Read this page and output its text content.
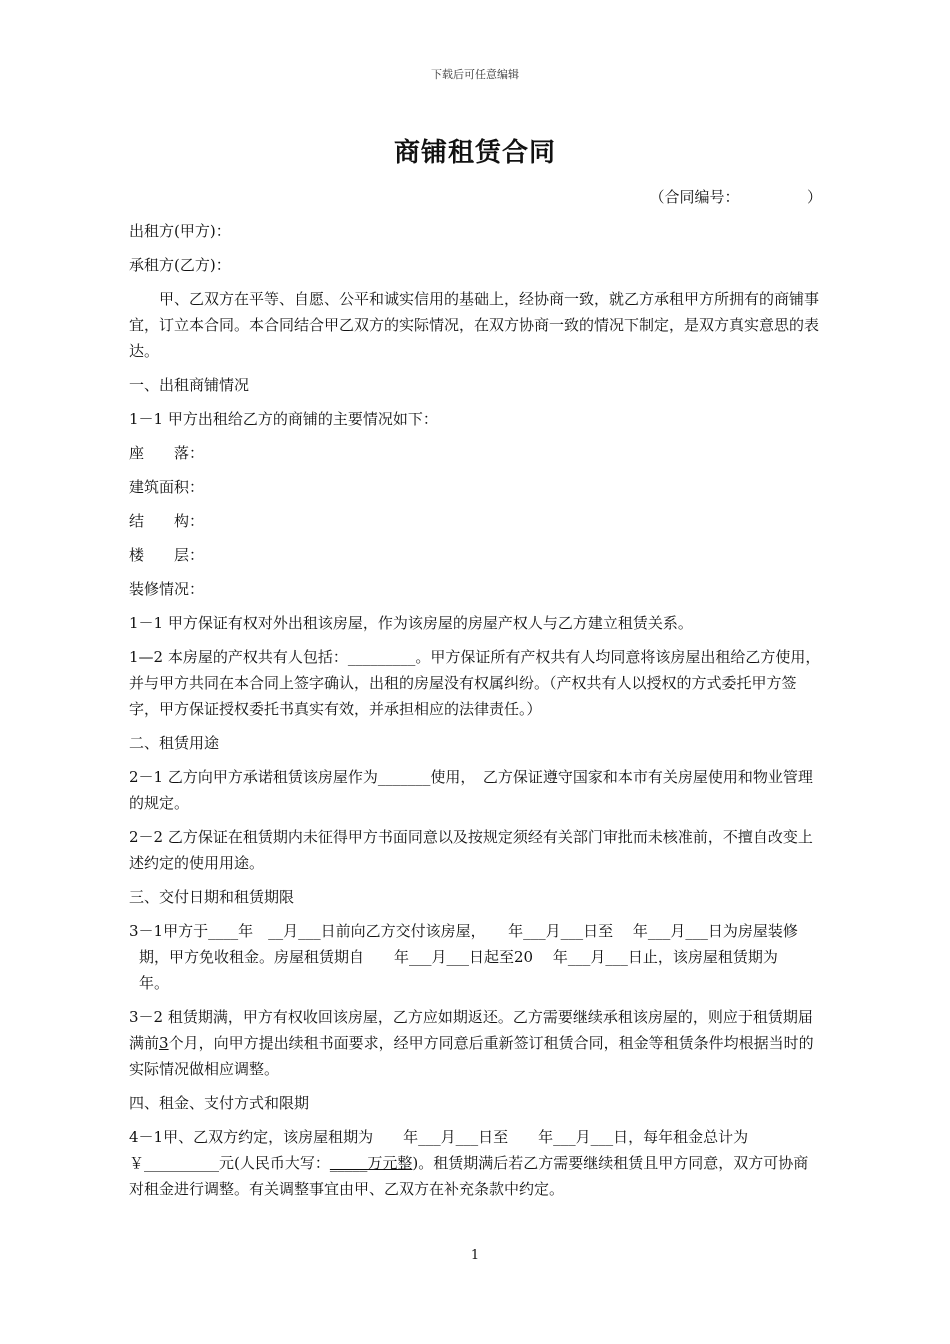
下载后可任意编辑
商铺租赁合同
（合同编号：　　　　　）

出租方(甲方)：

承租方(乙方)：

甲、乙双方在平等、自愿、公平和诚实信用的基础上，经协商一致，就乙方承租甲方所拥有的商铺事宜，订立本合同。本合同结合甲乙双方的实际情况，在双方协商一致的情况下制定，是双方真实意思的表达。

一、出租商铺情况

1－1 甲方出租给乙方的商铺的主要情况如下：

座　　落：

建筑面积：

结　　构：

楼　　层：

装修情况：

1－1 甲方保证有权对外出租该房屋，作为该房屋的房屋产权人与乙方建立租赁关系。

1—2 本房屋的产权共有人包括：_________。甲方保证所有产权共有人均同意将该房屋出租给乙方使用，并与甲方共同在本合同上签字确认，出租的房屋没有权属纠纷。（产权共有人以授权的方式委托甲方签字，甲方保证授权委托书真实有效，并承担相应的法律责任。）

二、租赁用途

2－1 乙方向甲方承诺租赁该房屋作为_______使用，　乙方保证遵守国家和本市有关房屋使用和物业管理的规定。

2－2 乙方保证在租赁期内未征得甲方书面同意以及按规定须经有关部门审批而未核准前，不擅自改变上述约定的使用用途。

三、交付日期和租赁期限

3－1甲方于____年　__月___日前向乙方交付该房屋，　　年___月___日至　 年___月___日为房屋装修期，甲方免收租金。房屋租赁期自　　年___月___日起至20　 年___月___日止，该房屋租赁期为　年。

3－2 租赁期满，甲方有权收回该房屋，乙方应如期返还。乙方需要继续承租该房屋的，则应于租赁期届满前3个月，向甲方提出续租书面要求，经甲方同意后重新签订租赁合同，租金等租赁条件均根据当时的实际情况做相应调整。

四、租金、支付方式和限期

4－1甲、乙双方约定，该房屋租期为　　年___月___日至　　年___月___日，每年租金总计为￥__________元(人民币大写：_____万元整)。租赁期满后若乙方需要继续租赁且甲方同意，双方可协商对租金进行调整。有关调整事宜由甲、乙双方在补充条款中约定。

1
